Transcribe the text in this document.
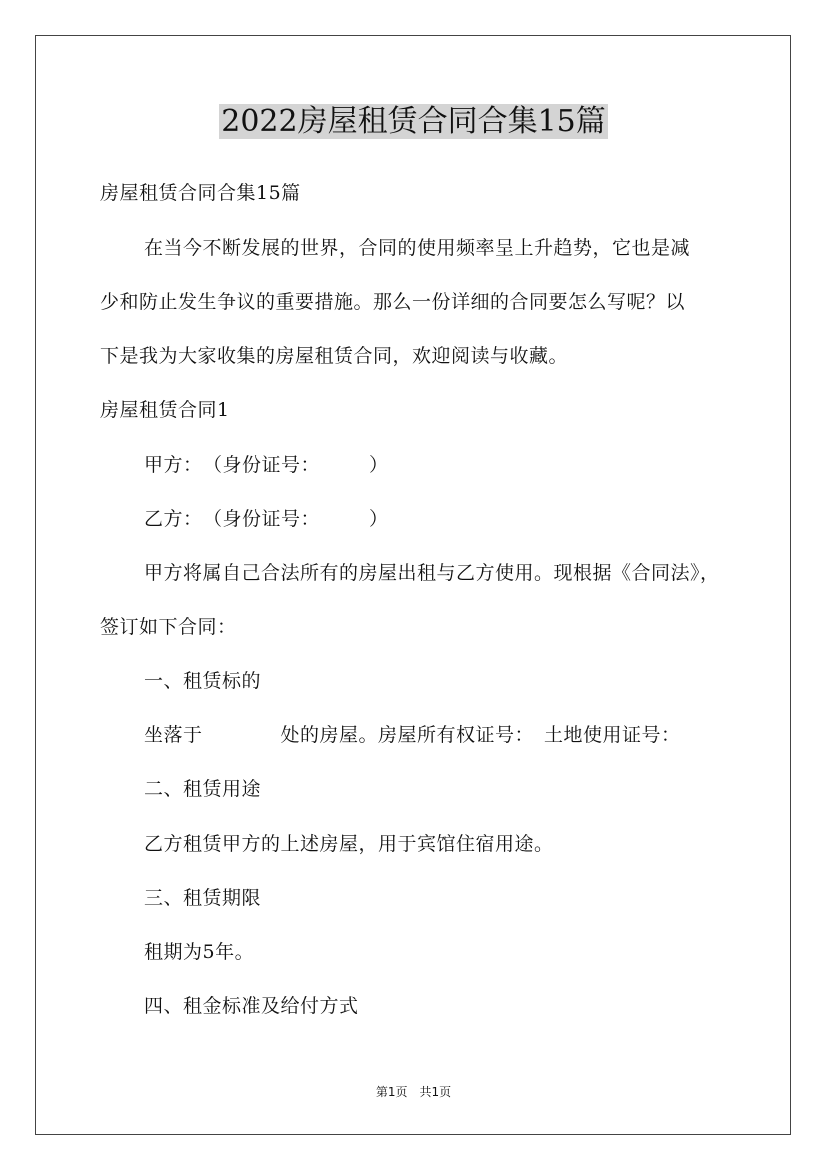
2022房屋租赁合同合集15篇
房屋租赁合同合集15篇
在当今不断发展的世界，合同的使用频率呈上升趋势，它也是减
少和防止发生争议的重要措施。那么一份详细的合同要怎么写呢？以
下是我为大家收集的房屋租赁合同，欢迎阅读与收藏。
房屋租赁合同1
甲方：　（身份证号：　　　）
乙方：　（身份证号：　　　）
甲方将属自己合法所有的房屋出租与乙方使用。现根据《合同法》，
签订如下合同：
一、租赁标的
坐落于　　　　处的房屋。房屋所有权证号：　土地使用证号：
二、租赁用途
乙方租赁甲方的上述房屋，用于宾馆住宿用途。
三、租赁期限
租期为5年。
四、租金标准及给付方式
第1页　共1页
